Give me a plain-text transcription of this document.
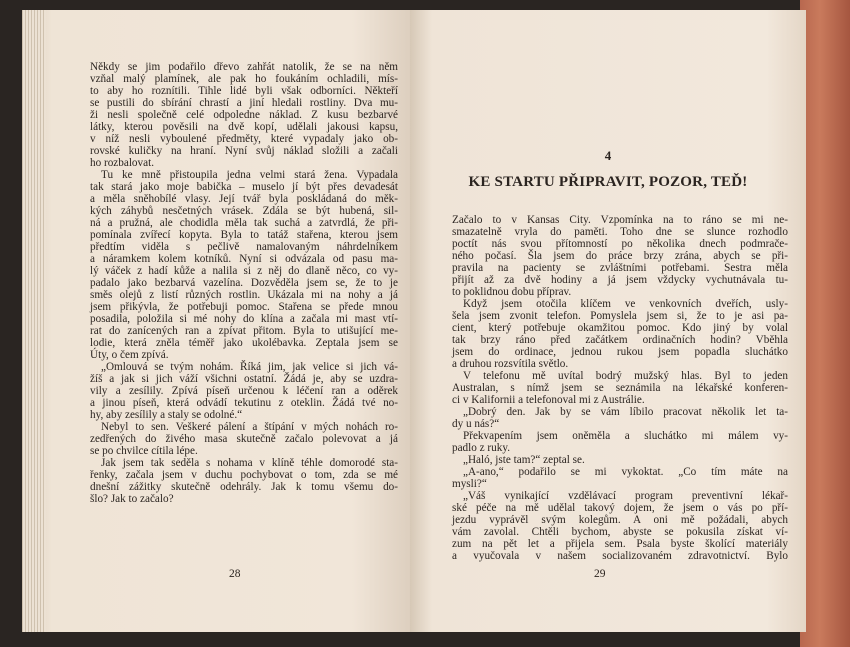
Někdy se jim podařilo dřevo zahřát natolik, že se na něm
vzňal malý plamínek, ale pak ho foukáním ochladili, mís-
to aby ho roznítili. Tihle lidé byli však odborníci. Někteří
se pustili do sbírání chrastí a jiní hledali rostliny. Dva mu-
ži nesli společně celé odpoledne náklad. Z kusu bezbarvé
látky, kterou pověsili na dvě kopí, udělali jakousi kapsu,
v níž nesli vyboulené předměty, které vypadaly jako ob-
rovské kuličky na hraní. Nyní svůj náklad složili a začali
ho rozbalovat.
Tu ke mně přistoupila jedna velmi stará žena. Vypadala
tak stará jako moje babička – muselo jí být přes devadesát
a měla sněhobílé vlasy. Její tvář byla poskládaná do měk-
kých záhybů nesčetných vrásek. Zdála se být hubená, sil-
ná a pružná, ale chodidla měla tak suchá a zatvrdlá, že při-
pomínala zvířecí kopyta. Byla to tatáž stařena, kterou jsem
předtím viděla s pečlivě namalovaným náhrdelníkem
a náramkem kolem kotníků. Nyní si odvázala od pasu ma-
lý váček z hadí kůže a nalila si z něj do dlaně něco, co vy-
padalo jako bezbarvá vazelína. Dozvěděla jsem se, že to je
směs olejů z listí různých rostlin. Ukázala mi na nohy a já
jsem přikývla, že potřebuji pomoc. Stařena se přede mnou
posadila, položila si mé nohy do klína a začala mi mast vtí-
rat do zanícených ran a zpívat přitom. Byla to utišující me-
lodie, která zněla téměř jako ukolébavka. Zeptala jsem se
Úty, o čem zpívá.
„Omlouvá se tvým nohám. Říká jim, jak velice si jich vá-
žíš a jak si jich váží všichni ostatní. Žádá je, aby se uzdra-
vily a zesílily. Zpívá píseň určenou k léčení ran a oděrek
a jinou píseň, která odvádí tekutinu z oteklin. Žádá tvé no-
hy, aby zesílily a staly se odolné.“
Nebyl to sen. Veškeré pálení a štípání v mých nohách ro-
zedřených do živého masa skutečně začalo polevovat a já
se po chvilce cítila lépe.
Jak jsem tak seděla s nohama v klíně téhle domorodé sta-
řenky, začala jsem v duchu pochybovat o tom, zda se mé
dnešní zážitky skutečně odehrály. Jak k tomu všemu do-
šlo? Jak to začalo?
28
4
KE STARTU PŘIPRAVIT, POZOR, TEĎ!
Začalo to v Kansas City. Vzpomínka na to ráno se mi ne-
smazatelně vryla do paměti. Toho dne se slunce rozhodlo
poctít nás svou přítomností po několika dnech podmrače-
ného počasí. Šla jsem do práce brzy zrána, abych se při-
pravila na pacienty se zvláštními potřebami. Sestra měla
přijít až za dvě hodiny a já jsem vždycky vychutnávala tu-
to poklidnou dobu příprav.
Když jsem otočila klíčem ve venkovních dveřích, usly-
šela jsem zvonit telefon. Pomyslela jsem si, že to je asi pa-
cient, který potřebuje okamžitou pomoc. Kdo jiný by volal
tak brzy ráno před začátkem ordinačních hodin? Vběhla
jsem do ordinace, jednou rukou jsem popadla sluchátko
a druhou rozsvítila světlo.
V telefonu mě uvítal bodrý mužský hlas. Byl to jeden
Australan, s nímž jsem se seznámila na lékařské konferen-
ci v Kalifornii a telefonoval mi z Austrálie.
„Dobrý den. Jak by se vám líbilo pracovat několik let ta-
dy u nás?“
Překvapením jsem oněměla a sluchátko mi málem vy-
padlo z ruky.
„Haló, jste tam?“ zeptal se.
„A-ano,“ podařilo se mi vykoktat. „Co tím máte na
mysli?“
„Váš vynikající vzdělávací program preventivní lékař-
ské péče na mě udělal takový dojem, že jsem o vás po pří-
jezdu vyprávěl svým kolegům. A oni mě požádali, abych
vám zavolal. Chtěli bychom, abyste se pokusila získat ví-
zum na pět let a přijela sem. Psala byste školící materiály
a vyučovala v našem socializovaném zdravotnictví. Bylo
29
